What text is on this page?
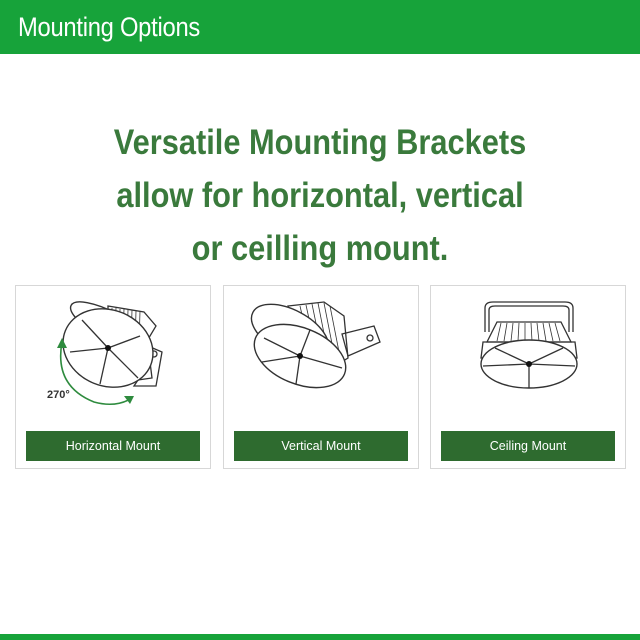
Mounting Options
Versatile Mounting Brackets
allow for horizontal, vertical
or ceilling mount.
270°
Horizontal Mount	Vertical Mount	Ceiling Mount
